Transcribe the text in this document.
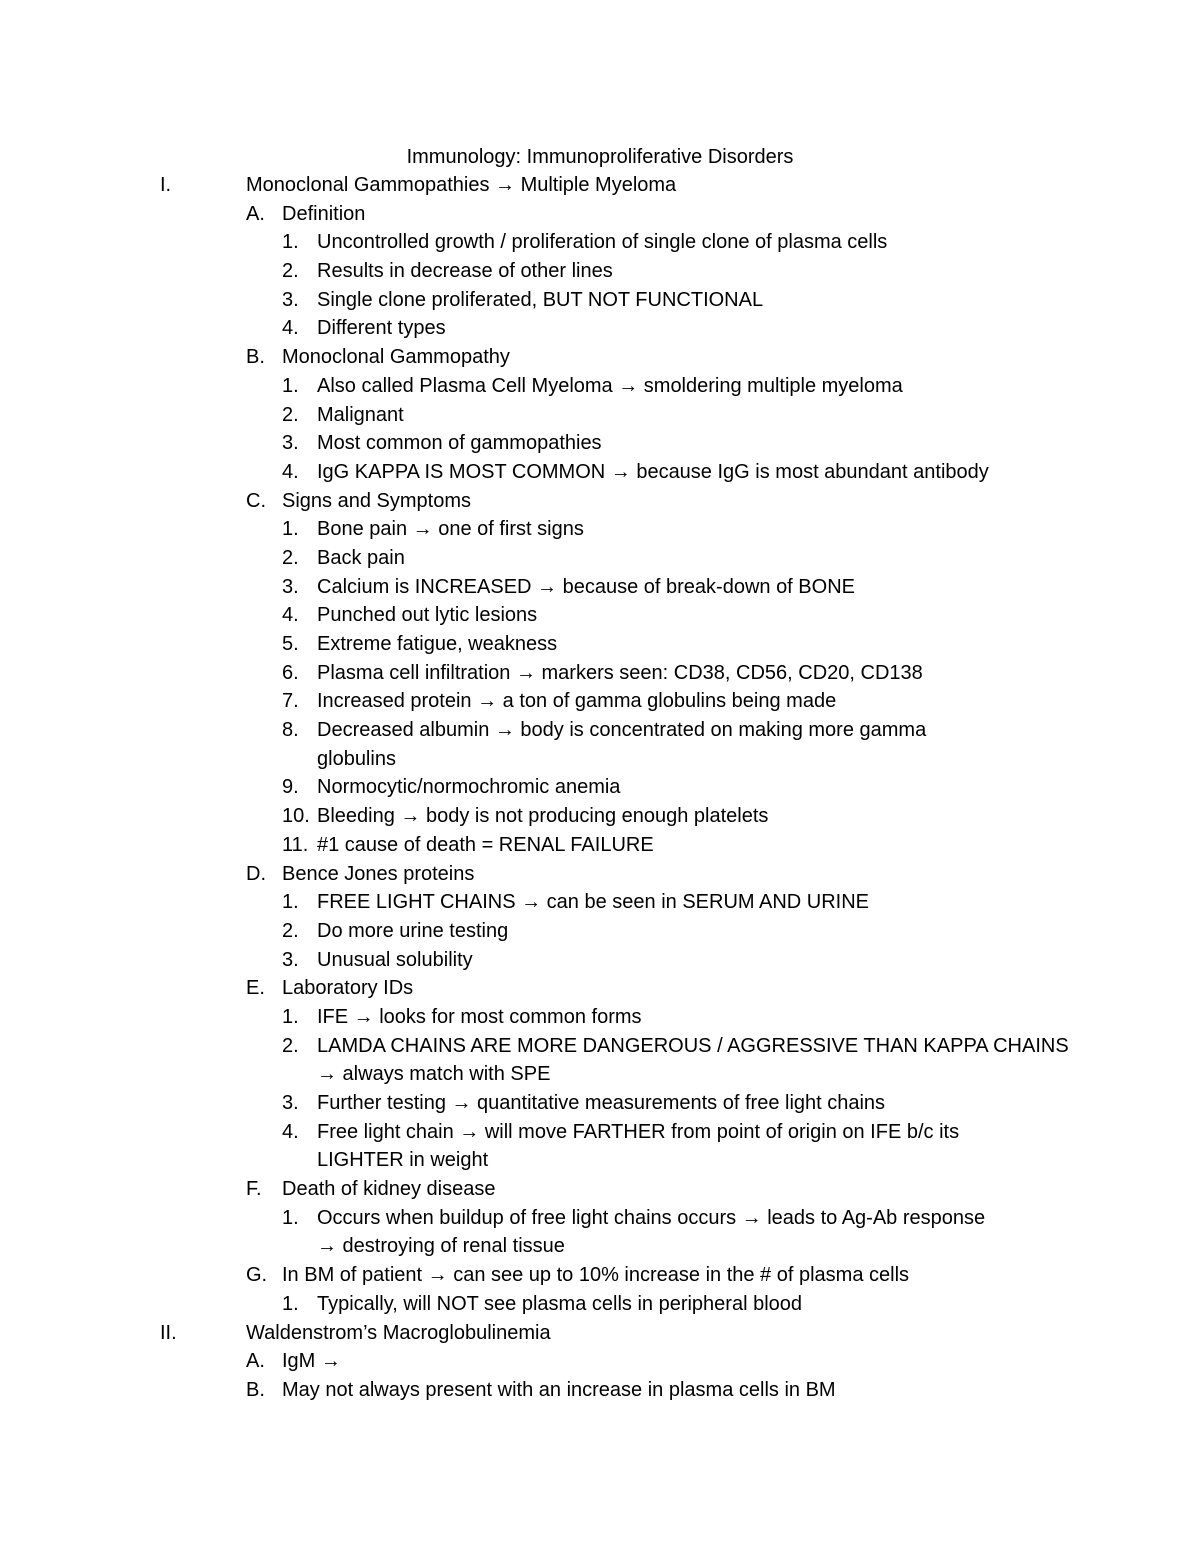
Immunology: Immunoproliferative Disorders
I.	Monoclonal Gammopathies → Multiple Myeloma
A. Definition
1. Uncontrolled growth / proliferation of single clone of plasma cells
2. Results in decrease of other lines
3. Single clone proliferated, BUT NOT FUNCTIONAL
4. Different types
B. Monoclonal Gammopathy
1. Also called Plasma Cell Myeloma → smoldering multiple myeloma
2. Malignant
3. Most common of gammopathies
4. IgG KAPPA IS MOST COMMON → because IgG is most abundant antibody
C. Signs and Symptoms
1. Bone pain → one of first signs
2. Back pain
3. Calcium is INCREASED → because of break-down of BONE
4. Punched out lytic lesions
5. Extreme fatigue, weakness
6. Plasma cell infiltration → markers seen: CD38, CD56, CD20, CD138
7. Increased protein → a ton of gamma globulins being made
8. Decreased albumin → body is concentrated on making more gamma
globulins
9. Normocytic/normochromic anemia
10. Bleeding → body is not producing enough platelets
11. #1 cause of death = RENAL FAILURE
D. Bence Jones proteins
1. FREE LIGHT CHAINS → can be seen in SERUM AND URINE
2. Do more urine testing
3. Unusual solubility
E. Laboratory IDs
1. IFE → looks for most common forms
2. LAMDA CHAINS ARE MORE DANGEROUS / AGGRESSIVE THAN KAPPA CHAINS
→ always match with SPE
3. Further testing → quantitative measurements of free light chains
4. Free light chain → will move FARTHER from point of origin on IFE b/c its
LIGHTER in weight
F. Death of kidney disease
1. Occurs when buildup of free light chains occurs → leads to Ag-Ab response
→ destroying of renal tissue
G. In BM of patient → can see up to 10% increase in the # of plasma cells
1. Typically, will NOT see plasma cells in peripheral blood
II.	Waldenstrom’s Macroglobulinemia
A. IgM →
B. May not always present with an increase in plasma cells in BM
